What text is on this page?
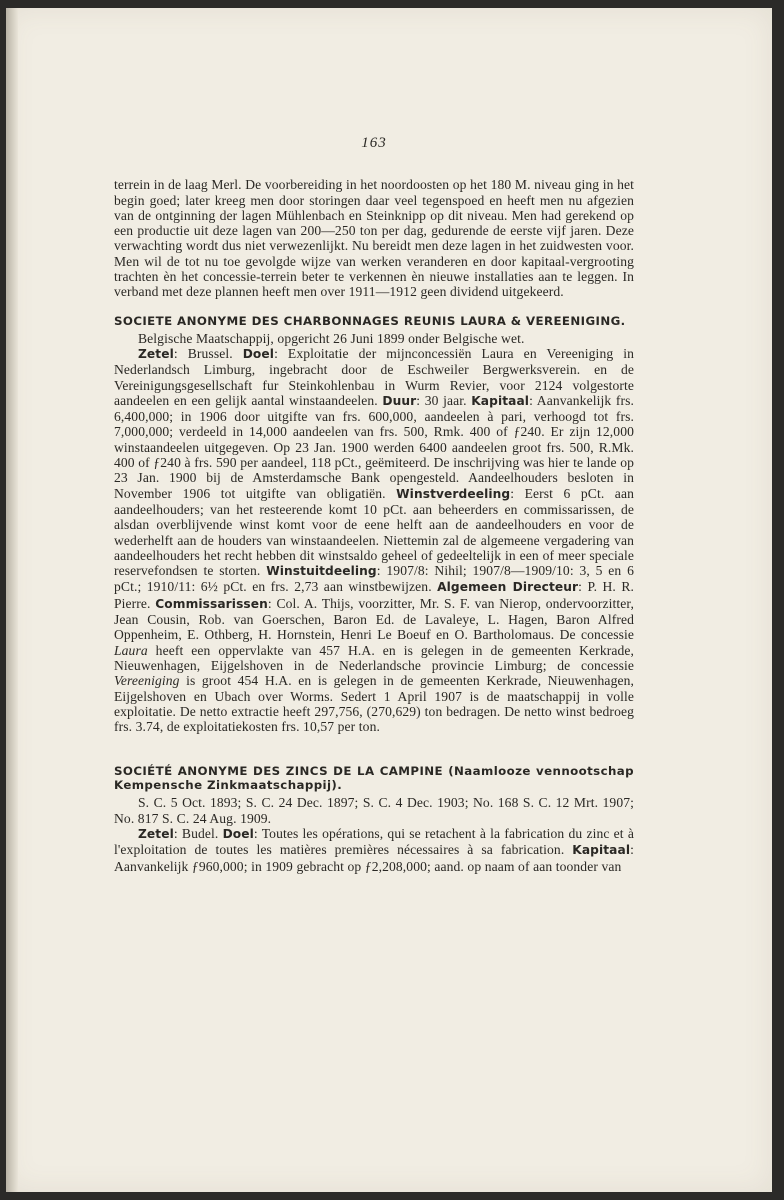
163

terrein in de laag Merl. De voorbereiding in het noordoosten op het 180 M. niveau ging in het begin goed; later kreeg men door storingen daar veel tegenspoed en heeft men nu afgezien van de ontginning der lagen Mühlenbach en Steinknipp op dit niveau. Men had gerekend op een productie uit deze lagen van 200—250 ton per dag, gedurende de eerste vijf jaren. Deze verwachting wordt dus niet verwezenlijkt. Nu bereidt men deze lagen in het zuidwesten voor. Men wil de tot nu toe gevolgde wijze van werken veranderen en door kapitaal-vergrooting trachten èn het concessie-terrein beter te verkennen èn nieuwe installaties aan te leggen. In verband met deze plannen heeft men over 1911—1912 geen dividend uitgekeerd.

SOCIETE ANONYME DES CHARBONNAGES REUNIS LAURA & VEREENIGING.

Belgische Maatschappij, opgericht 26 Juni 1899 onder Belgische wet.

Zetel: Brussel. Doel: Exploitatie der mijnconcessiën Laura en Vereeniging in Nederlandsch Limburg, ingebracht door de Eschweiler Bergwerksverein. en de Vereinigungsgesellschaft fur Steinkohlenbau in Wurm Revier, voor 2124 volgestorte aandeelen en een gelijk aantal winstaandeelen. Duur: 30 jaar. Kapitaal: Aanvankelijk frs. 6,400,000; in 1906 door uitgifte van frs. 600,000, aandeelen à pari, verhoogd tot frs. 7,000,000; verdeeld in 14,000 aandeelen van frs. 500, Rmk. 400 of ƒ240. Er zijn 12,000 winstaandeelen uitgegeven. Op 23 Jan. 1900 werden 6400 aandeelen groot frs. 500, R.Mk. 400 of ƒ240 à frs. 590 per aandeel, 118 pCt., geëmiteerd. De inschrijving was hier te lande op 23 Jan. 1900 bij de Amsterdamsche Bank opengesteld. Aandeelhouders besloten in November 1906 tot uitgifte van obligatiën. Winstverdeeling: Eerst 6 pCt. aan aandeelhouders; van het resteerende komt 10 pCt. aan beheerders en commissarissen, de alsdan overblijvende winst komt voor de eene helft aan de aandeelhouders en voor de wederhelft aan de houders van winstaandeelen. Niettemin zal de algemeene vergadering van aandeelhouders het recht hebben dit winstsaldo geheel of gedeeltelijk in een of meer speciale reservefondsen te storten. Winstuitdeeling: 1907/8: Nihil; 1907/8—1909/10: 3, 5 en 6 pCt.; 1910/11: 6½ pCt. en frs. 2,73 aan winstbewijzen. Algemeen Directeur: P. H. R. Pierre. Commissarissen: Col. A. Thijs, voorzitter, Mr. S. F. van Nierop, ondervoorzitter, Jean Cousin, Rob. van Goerschen, Baron Ed. de Lavaleye, L. Hagen, Baron Alfred Oppenheim, E. Othberg, H. Hornstein, Henri Le Boeuf en O. Bartholomaus. De concessie Laura heeft een oppervlakte van 457 H.A. en is gelegen in de gemeenten Kerkrade, Nieuwenhagen, Eijgelshoven in de Nederlandsche provincie Limburg; de concessie Vereeniging is groot 454 H.A. en is gelegen in de gemeenten Kerkrade, Nieuwenhagen, Eijgelshoven en Ubach over Worms. Sedert 1 April 1907 is de maatschappij in volle exploitatie. De netto extractie heeft 297,756, (270,629) ton bedragen. De netto winst bedroeg frs. 3.74, de exploitatiekosten frs. 10,57 per ton.

SOCIÉTÉ ANONYME DES ZINCS DE LA CAMPINE (Naamlooze vennootschap Kempensche Zinkmaatschappij).

S. C. 5 Oct. 1893; S. C. 24 Dec. 1897; S. C. 4 Dec. 1903; No. 168 S. C. 12 Mrt. 1907; No. 817 S. C. 24 Aug. 1909.

Zetel: Budel. Doel: Toutes les opérations, qui se retachent à la fabrication du zinc et à l'exploitation de toutes les matières premières nécessaires à sa fabrication. Kapitaal: Aanvankelijk ƒ960,000; in 1909 gebracht op ƒ2,208,000; aand. op naam of aan toonder van
